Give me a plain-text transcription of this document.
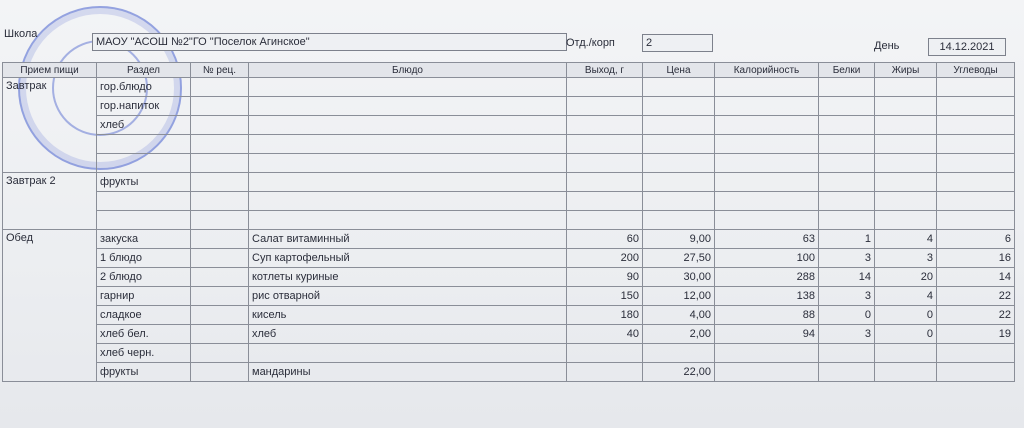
Школа
МАОУ "АСОШ №2"ГО "Поселок Агинское"	Отд./корп	2	День	14.12.2021
Прием пищи	Раздел	№ рец.	Блюдо	Выход, г	Цена	Калорийность	Белки	Жиры	Углеводы
Завтрак	гор.блюдо								
	гор.напиток								
	хлеб								

Завтрак 2	фрукты								

Обед	закуска		Салат витаминный	60	9,00	63	1	4	6
	1 блюдо		Суп картофельный	200	27,50	100	3	3	16
	2 блюдо		котлеты куриные	90	30,00	288	14	20	14
	гарнир		рис отварной	150	12,00	138	3	4	22
	сладкое		кисель	180	4,00	88	0	0	22
	хлеб бел.		хлеб	40	2,00	94	3	0	19
	хлеб черн.								
	фрукты		мандарины		22,00				
